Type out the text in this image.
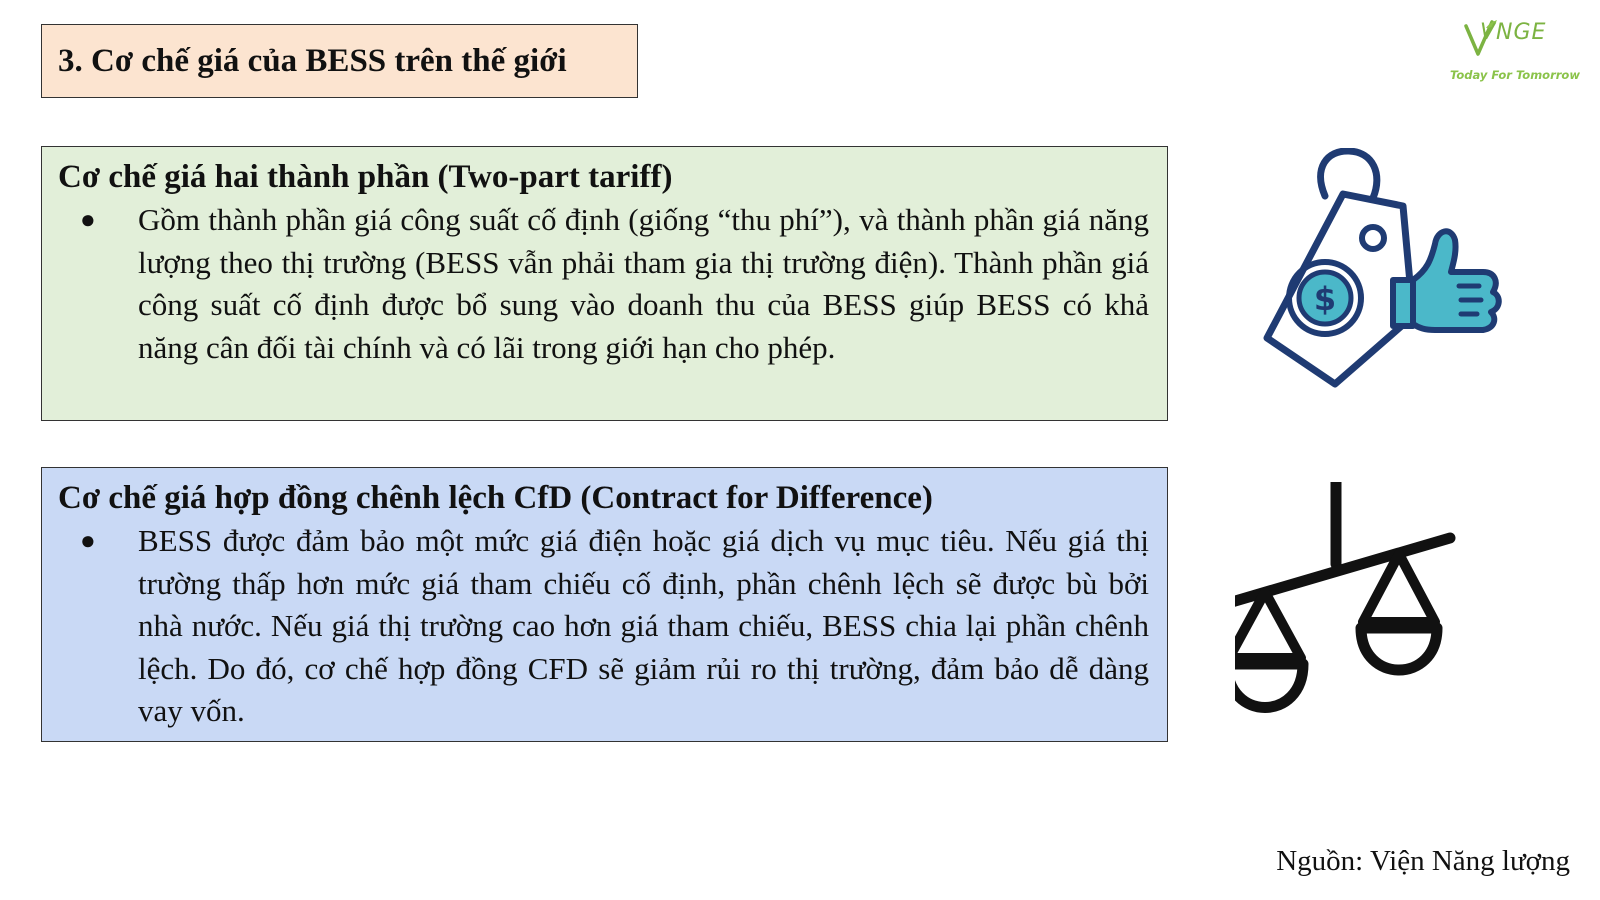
3. Cơ chế giá của BESS trên thế giới
VNGE
Today For Tomorrow

Cơ chế giá hai thành phần (Two-part tariff)

●	Gồm thành phần giá công suất cố định (giống “thu phí”), và thành phần giá năng lượng theo thị trường (BESS vẫn phải tham gia thị trường điện). Thành phần giá công suất cố định được bổ sung vào doanh thu của BESS giúp BESS có khả năng cân đối tài chính và có lãi trong giới hạn cho phép.

Cơ chế giá hợp đồng chênh lệch CfD (Contract for Difference)

●	BESS được đảm bảo một mức giá điện hoặc giá dịch vụ mục tiêu. Nếu giá thị trường thấp hơn mức giá tham chiếu cố định, phần chênh lệch sẽ được bù bởi nhà nước. Nếu giá thị trường cao hơn giá tham chiếu, BESS chia lại phần chênh lệch. Do đó, cơ chế hợp đồng CFD sẽ giảm rủi ro thị trường, đảm bảo dễ dàng vay vốn.
$
Nguồn: Viện Năng lượng
